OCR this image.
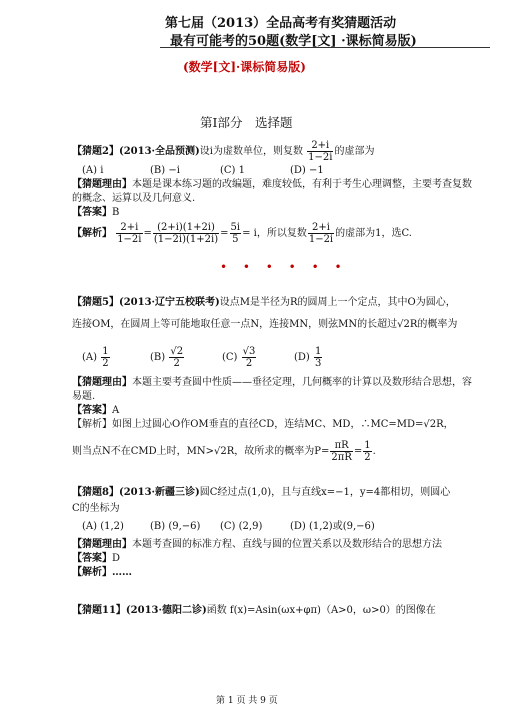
第七届（2013）全品高考有奖猜题活动
最有可能考的50题(数学[文] ·课标简易版)
(数学[文]·课标简易版)
第Ⅰ部分　选择题
【猜题2】(2013·全品预测)设i为虚数单位，则复数 $\frac{2+i}{1-2i}$ 的虚部为
(A) i	(B) −i	(C) 1	(D) −1
【猜题理由】本题是课本练习题的改编题，难度较低，有利于考生心理调整，主要考查复数
的概念、运算以及几何意义.
【答案】B
【解析】 $\frac{2+i}{1-2i} = \frac{(2+i)(1+2i)}{(1-2i)(1+2i)} = \frac{5i}{5} = i$，所以复数 $\frac{2+i}{1-2i}$ 的虚部为1，选C.
• • • • • •
【猜题5】(2013·辽宁五校联考)设点M是半径为R的圆周上一个定点，其中O为圆心，
连接OM，在圆周上等可能地取任意一点N，连接MN，则弦MN的长超过√2R的概率为
$(A) \frac{1}{2}$	$(B) \frac{√2}{2}$	$(C) \frac{√3}{2}$	$(D) \frac{1}{3}$
【猜题理由】本题主要考查圆中性质——垂径定理，几何概率的计算以及数形结合思想，容
易题.
【答案】A
【解析】如图上过圆心O作OM垂直的直径CD，连结MC、MD，∴MC=MD=√2R，
则当点N不在CMD上时，MN>√2R，故所求的概率为$P= \frac{\pi R}{2\pi R} = \frac{1}{2}$ .
【猜题8】(2013·新疆三诊)圆C经过点(1,0)，且与直线x=−1，y=4都相切，则圆心
C的坐标为
(A) (1,2)	(B) (9,−6) (C) (2,9)	(D) (1,2)或(9,−6)
【猜题理由】本题考查圆的标准方程、直线与圆的位置关系以及数形结合的思想方法
【答案】D
【解析】……
【猜题11】(2013·德阳二诊)函数 f(x)=Asin(ωx+φπ)（A>0，ω>0）的图像在
第 1 页 共 9 页
